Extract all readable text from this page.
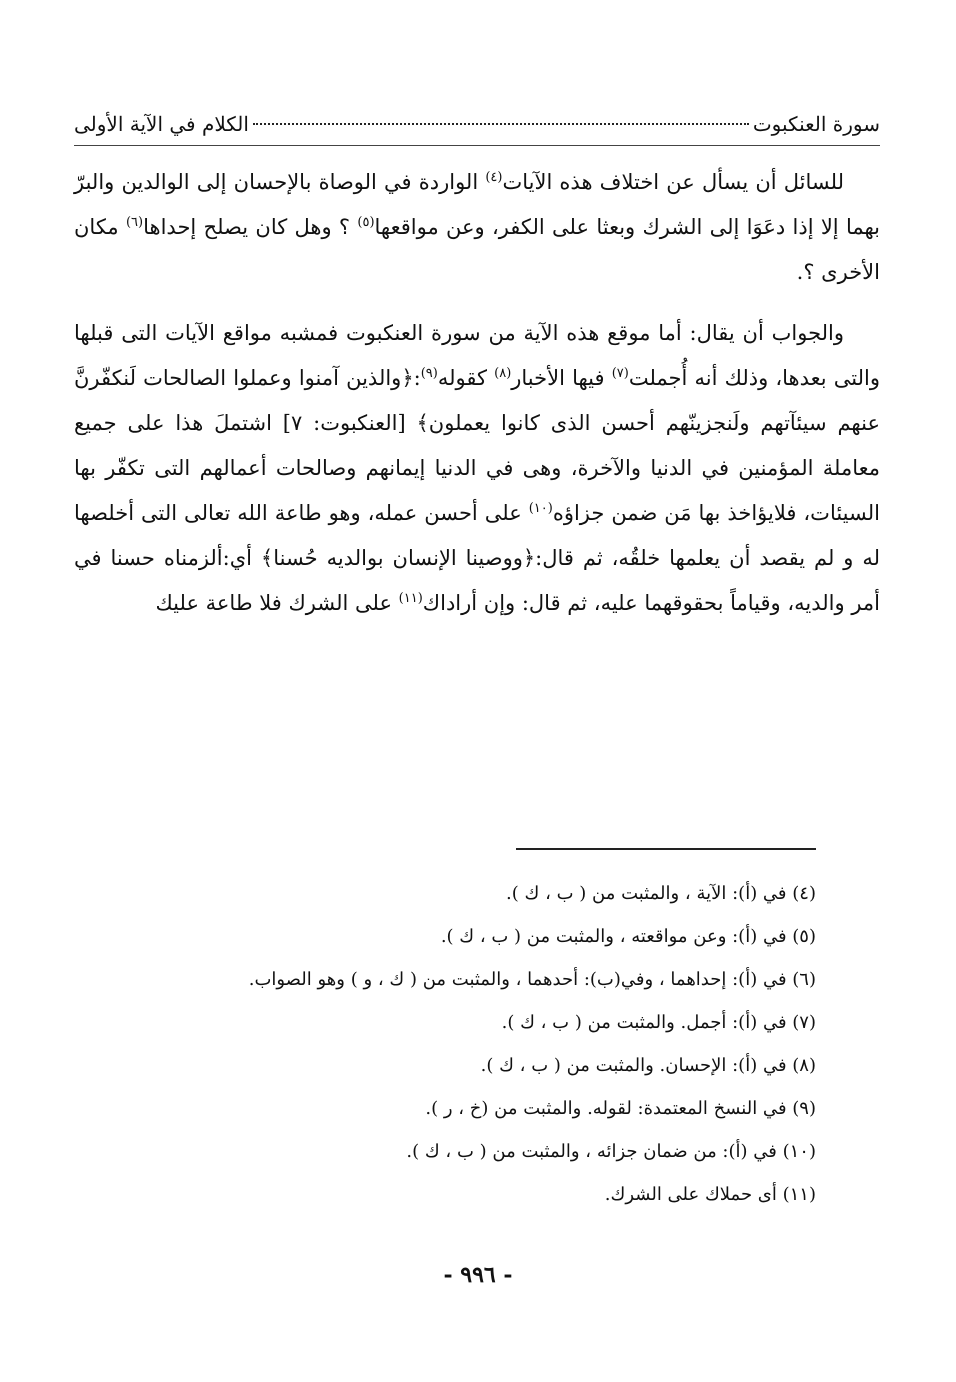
سورة العنكبوت
الكلام في الآية الأولى

للسائل أن يسأل عن اختلاف هذه الآيات$^{(٤)}$ الواردة في الوصاة بالإحسان إلى الوالدين والبرّ بهما إلا إذا دعَوَا إلى الشرك وبعثا على الكفر، وعن مواقعها$^{(٥)}$ ؟ وهل كان يصلح إحداها$^{(٦)}$ مكان الأخرى ؟.

والجواب أن يقال: أما موقع هذه الآية من سورة العنكبوت فمشبه مواقع الآيات التى قبلها والتى بعدها، وذلك أنه أُجملت$^{(٧)}$ فيها الأخبار$^{(٨)}$ كقوله$^{(٩)}$:﴿والذين آمنوا وعملوا الصالحات لَنكفّرنَّ عنهم سيئآتهم ولَنجزينّهم أحسن الذى كانوا يعملون﴾ [العنكبوت: ٧] اشتملَ هذا على جميع معاملة المؤمنين في الدنيا والآخرة، وهى في الدنيا إيمانهم وصالحات أعمالهم التى تكفّر بها السيئات، فلايؤاخذ بها مَن ضمن جزاؤه$^{(١٠)}$ على أحسن عمله، وهو طاعة الله تعالى التى أخلصها له و لم يقصد أن يعلمها خلقُه، ثم قال:﴿ووصينا الإنسان بوالديه حُسنا﴾ أي:ألزمناه حسنا في أمر والديه، وقياماً بحقوقهما عليه، ثم قال: وإن أراداك$^{(١١)}$ على الشرك فلا طاعة عليك

(٤) في (أ): الآية ، والمثبت من ( ب ، ك ).
(٥) في (أ): وعن مواقعته ، والمثبت من ( ب ، ك ).
(٦) في (أ): إحداهما ، وفي(ب): أحدهما ، والمثبت من ( ك ، و ) وهو الصواب.
(٧) في (أ): أجمل. والمثبت من ( ب ، ك ).
(٨) في (أ): الإحسان. والمثبت من ( ب ، ك ).
(٩) في النسخ المعتمدة: لقوله. والمثبت من (خ ، ر ).
(١٠) في (أ): من ضمان جزائه ، والمثبت من ( ب ، ك ).
(١١) أى حملاك على الشرك.
- ٩٩٦ -
